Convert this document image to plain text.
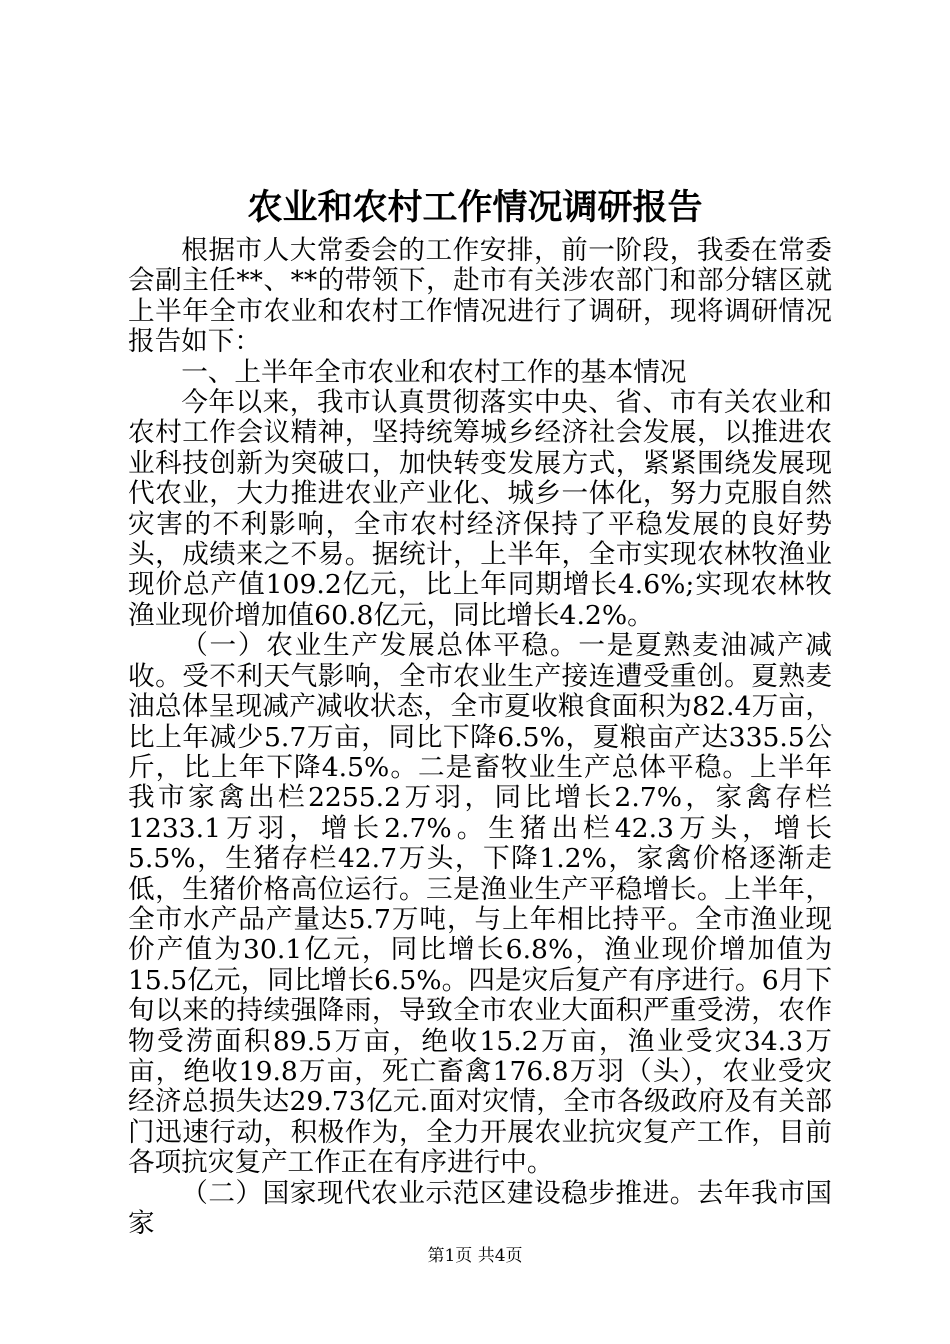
农业和农村工作情况调研报告

根据市人大常委会的工作安排，前一阶段，我委在常委会副主任**、**的带领下，赴市有关涉农部门和部分辖区就上半年全市农业和农村工作情况进行了调研，现将调研情况报告如下：

一、上半年全市农业和农村工作的基本情况

今年以来，我市认真贯彻落实中央、省、市有关农业和农村工作会议精神，坚持统筹城乡经济社会发展，以推进农业科技创新为突破口，加快转变发展方式，紧紧围绕发展现代农业，大力推进农业产业化、城乡一体化，努力克服自然灾害的不利影响，全市农村经济保持了平稳发展的良好势头，成绩来之不易。据统计，上半年，全市实现农林牧渔业现价总产值109.2亿元，比上年同期增长4.6%;实现农林牧渔业现价增加值60.8亿元，同比增长4.2%。

（一）农业生产发展总体平稳。一是夏熟麦油减产减收。受不利天气影响，全市农业生产接连遭受重创。夏熟麦油总体呈现减产减收状态，全市夏收粮食面积为82.4万亩，比上年减少5.7万亩，同比下降6.5%，夏粮亩产达335.5公斤，比上年下降4.5%。二是畜牧业生产总体平稳。上半年我市家禽出栏2255.2万羽，同比增长2.7%，家禽存栏1233.1万羽，增长2.7%。生猪出栏42.3万头，增长5.5%，生猪存栏42.7万头，下降1.2%，家禽价格逐渐走低，生猪价格高位运行。三是渔业生产平稳增长。上半年，全市水产品产量达5.7万吨，与上年相比持平。全市渔业现价产值为30.1亿元，同比增长6.8%，渔业现价增加值为15.5亿元，同比增长6.5%。四是灾后复产有序进行。6月下旬以来的持续强降雨，导致全市农业大面积严重受涝，农作物受涝面积89.5万亩，绝收15.2万亩，渔业受灾34.3万亩，绝收19.8万亩，死亡畜禽176.8万羽（头），农业受灾经济总损失达29.73亿元.面对灾情，全市各级政府及有关部门迅速行动，积极作为，全力开展农业抗灾复产工作，目前各项抗灾复产工作正在有序进行中。

（二）国家现代农业示范区建设稳步推进。去年我市国家

第1页 共4页
